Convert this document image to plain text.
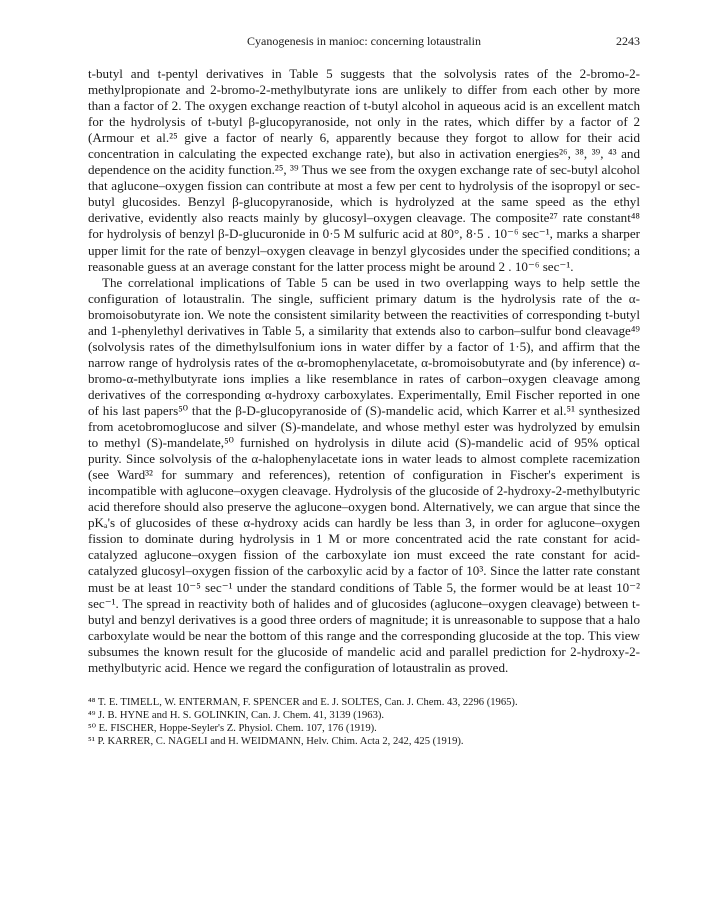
Cyanogenesis in manioc: concerning lotaustralin	2243

t-butyl and t-pentyl derivatives in Table 5 suggests that the solvolysis rates of the 2-bromo-2-methylpropionate and 2-bromo-2-methylbutyrate ions are unlikely to differ from each other by more than a factor of 2. The oxygen exchange reaction of t-butyl alcohol in aqueous acid is an excellent match for the hydrolysis of t-butyl β-glucopyranoside, not only in the rates, which differ by a factor of 2 (Armour et al.²⁵ give a factor of nearly 6, apparently because they forgot to allow for their acid concentration in calculating the expected exchange rate), but also in activation energies²⁶, ³⁸, ³⁹, ⁴³ and dependence on the acidity function.²⁵, ³⁹ Thus we see from the oxygen exchange rate of sec-butyl alcohol that aglucone–oxygen fission can contribute at most a few per cent to hydrolysis of the isopropyl or sec-butyl glucosides. Benzyl β-glucopyranoside, which is hydrolyzed at the same speed as the ethyl derivative, evidently also reacts mainly by glucosyl–oxygen cleavage. The composite²⁷ rate constant⁴⁸ for hydrolysis of benzyl β-D-glucuronide in 0·5 M sulfuric acid at 80°, 8·5 . 10⁻⁶ sec⁻¹, marks a sharper upper limit for the rate of benzyl–oxygen cleavage in benzyl glycosides under the specified conditions; a reasonable guess at an average constant for the latter process might be around 2 . 10⁻⁶ sec⁻¹.

The correlational implications of Table 5 can be used in two overlapping ways to help settle the configuration of lotaustralin. The single, sufficient primary datum is the hydrolysis rate of the α-bromoisobutyrate ion. We note the consistent similarity between the reactivities of corresponding t-butyl and 1-phenylethyl derivatives in Table 5, a similarity that extends also to carbon–sulfur bond cleavage⁴⁹ (solvolysis rates of the dimethylsulfonium ions in water differ by a factor of 1·5), and affirm that the narrow range of hydrolysis rates of the α-bromophenylacetate, α-bromoisobutyrate and (by inference) α-bromo-α-methylbutyrate ions implies a like resemblance in rates of carbon–oxygen cleavage among derivatives of the corresponding α-hydroxy carboxylates. Experimentally, Emil Fischer reported in one of his last papers⁵⁰ that the β-D-glucopyranoside of (S)-mandelic acid, which Karrer et al.⁵¹ synthesized from acetobromoglucose and silver (S)-mandelate, and whose methyl ester was hydrolyzed by emulsin to methyl (S)-mandelate,⁵⁰ furnished on hydrolysis in dilute acid (S)-mandelic acid of 95% optical purity. Since solvolysis of the α-halophenylacetate ions in water leads to almost complete racemization (see Ward³² for summary and references), retention of configuration in Fischer's experiment is incompatible with aglucone–oxygen cleavage. Hydrolysis of the glucoside of 2-hydroxy-2-methylbutyric acid therefore should also preserve the aglucone–oxygen bond. Alternatively, we can argue that since the pKₐ's of glucosides of these α-hydroxy acids can hardly be less than 3, in order for aglucone–oxygen fission to dominate during hydrolysis in 1 M or more concentrated acid the rate constant for acid-catalyzed aglucone–oxygen fission of the carboxylate ion must exceed the rate constant for acid-catalyzed glucosyl–oxygen fission of the carboxylic acid by a factor of 10³. Since the latter rate constant must be at least 10⁻⁵ sec⁻¹ under the standard conditions of Table 5, the former would be at least 10⁻² sec⁻¹. The spread in reactivity both of halides and of glucosides (aglucone–oxygen cleavage) between t-butyl and benzyl derivatives is a good three orders of magnitude; it is unreasonable to suppose that a halo carboxylate would be near the bottom of this range and the corresponding glucoside at the top. This view subsumes the known result for the glucoside of mandelic acid and parallel prediction for 2-hydroxy-2-methylbutyric acid. Hence we regard the configuration of lotaustralin as proved.

⁴⁸ T. E. TIMELL, W. ENTERMAN, F. SPENCER and E. J. SOLTES, Can. J. Chem. 43, 2296 (1965).
⁴⁹ J. B. HYNE and H. S. GOLINKIN, Can. J. Chem. 41, 3139 (1963).
⁵⁰ E. FISCHER, Hoppe-Seyler's Z. Physiol. Chem. 107, 176 (1919).
⁵¹ P. KARRER, C. NAGELI and H. WEIDMANN, Helv. Chim. Acta 2, 242, 425 (1919).
